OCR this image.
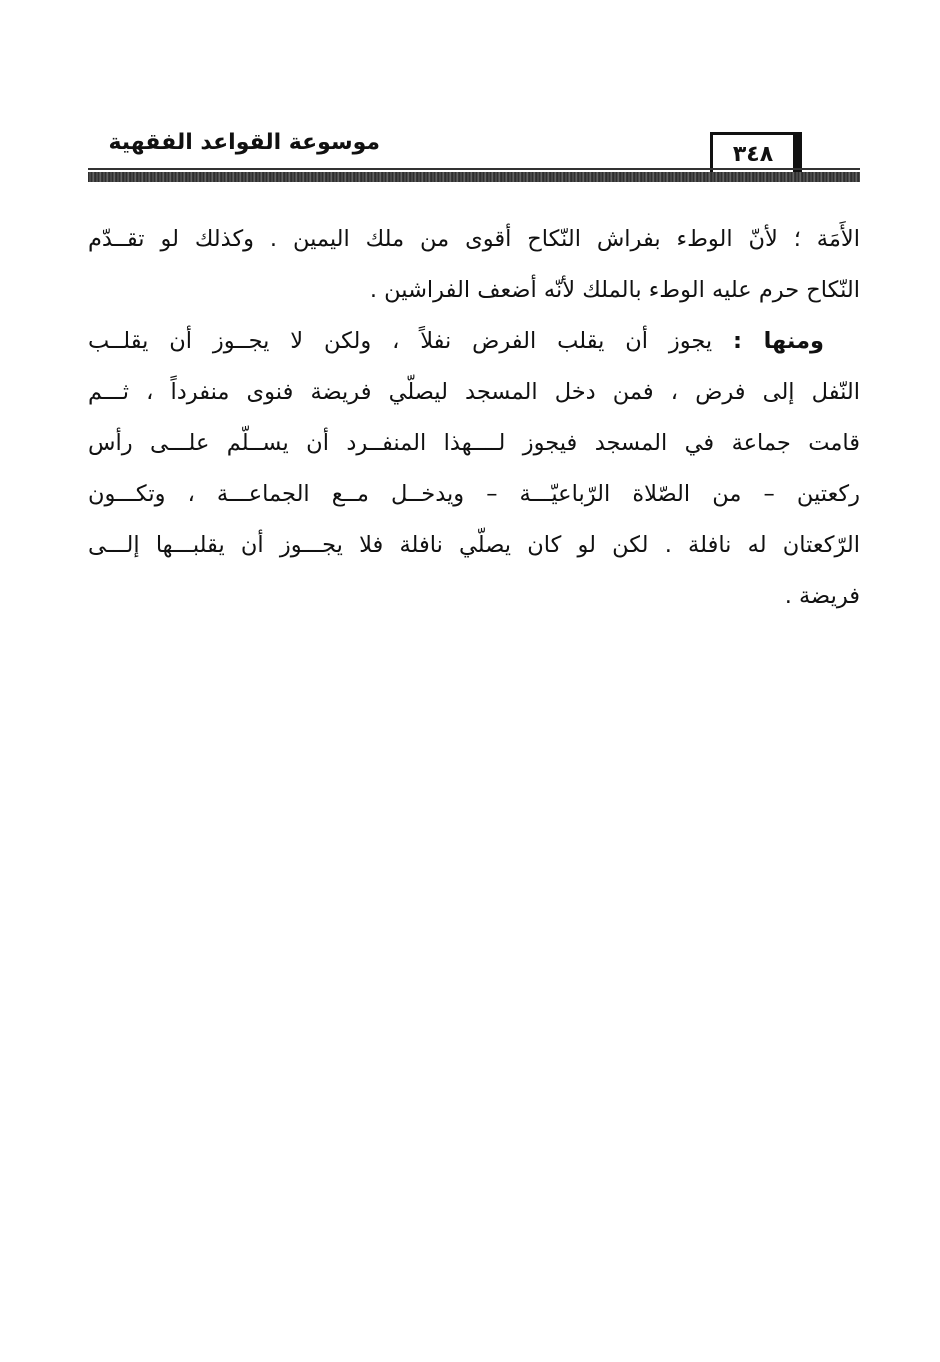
موسوعة القواعد الفقهية	٣٤٨
الأَمَة ؛ لأنّ الوطء بفراش النّكاح أقوى من ملك اليمين . وكذلك لو تقــدّم
النّكاح حرم عليه الوطء بالملك لأنّه أضعف الفراشين .
ومنها : يجوز أن يقلب الفرض نفلاً ، ولكن لا يجــوز أن يقلــب
النّفل إلى فرض ، فمن دخل المسجد ليصلّي فريضة فنوى منفرداً ، ثـــم
قامت جماعة في المسجد فيجوز لــــهذا المنفــرد أن يســلّم علـــى رأس
ركعتين – من الصّلاة الرّباعيّـــة – ويدخــل مــع الجماعـــة ، وتكـــون
الرّكعتان له نافلة . لكن لو كان يصلّي نافلة فلا يجـــوز أن يقلبـــها إلـــى
فريضة .
